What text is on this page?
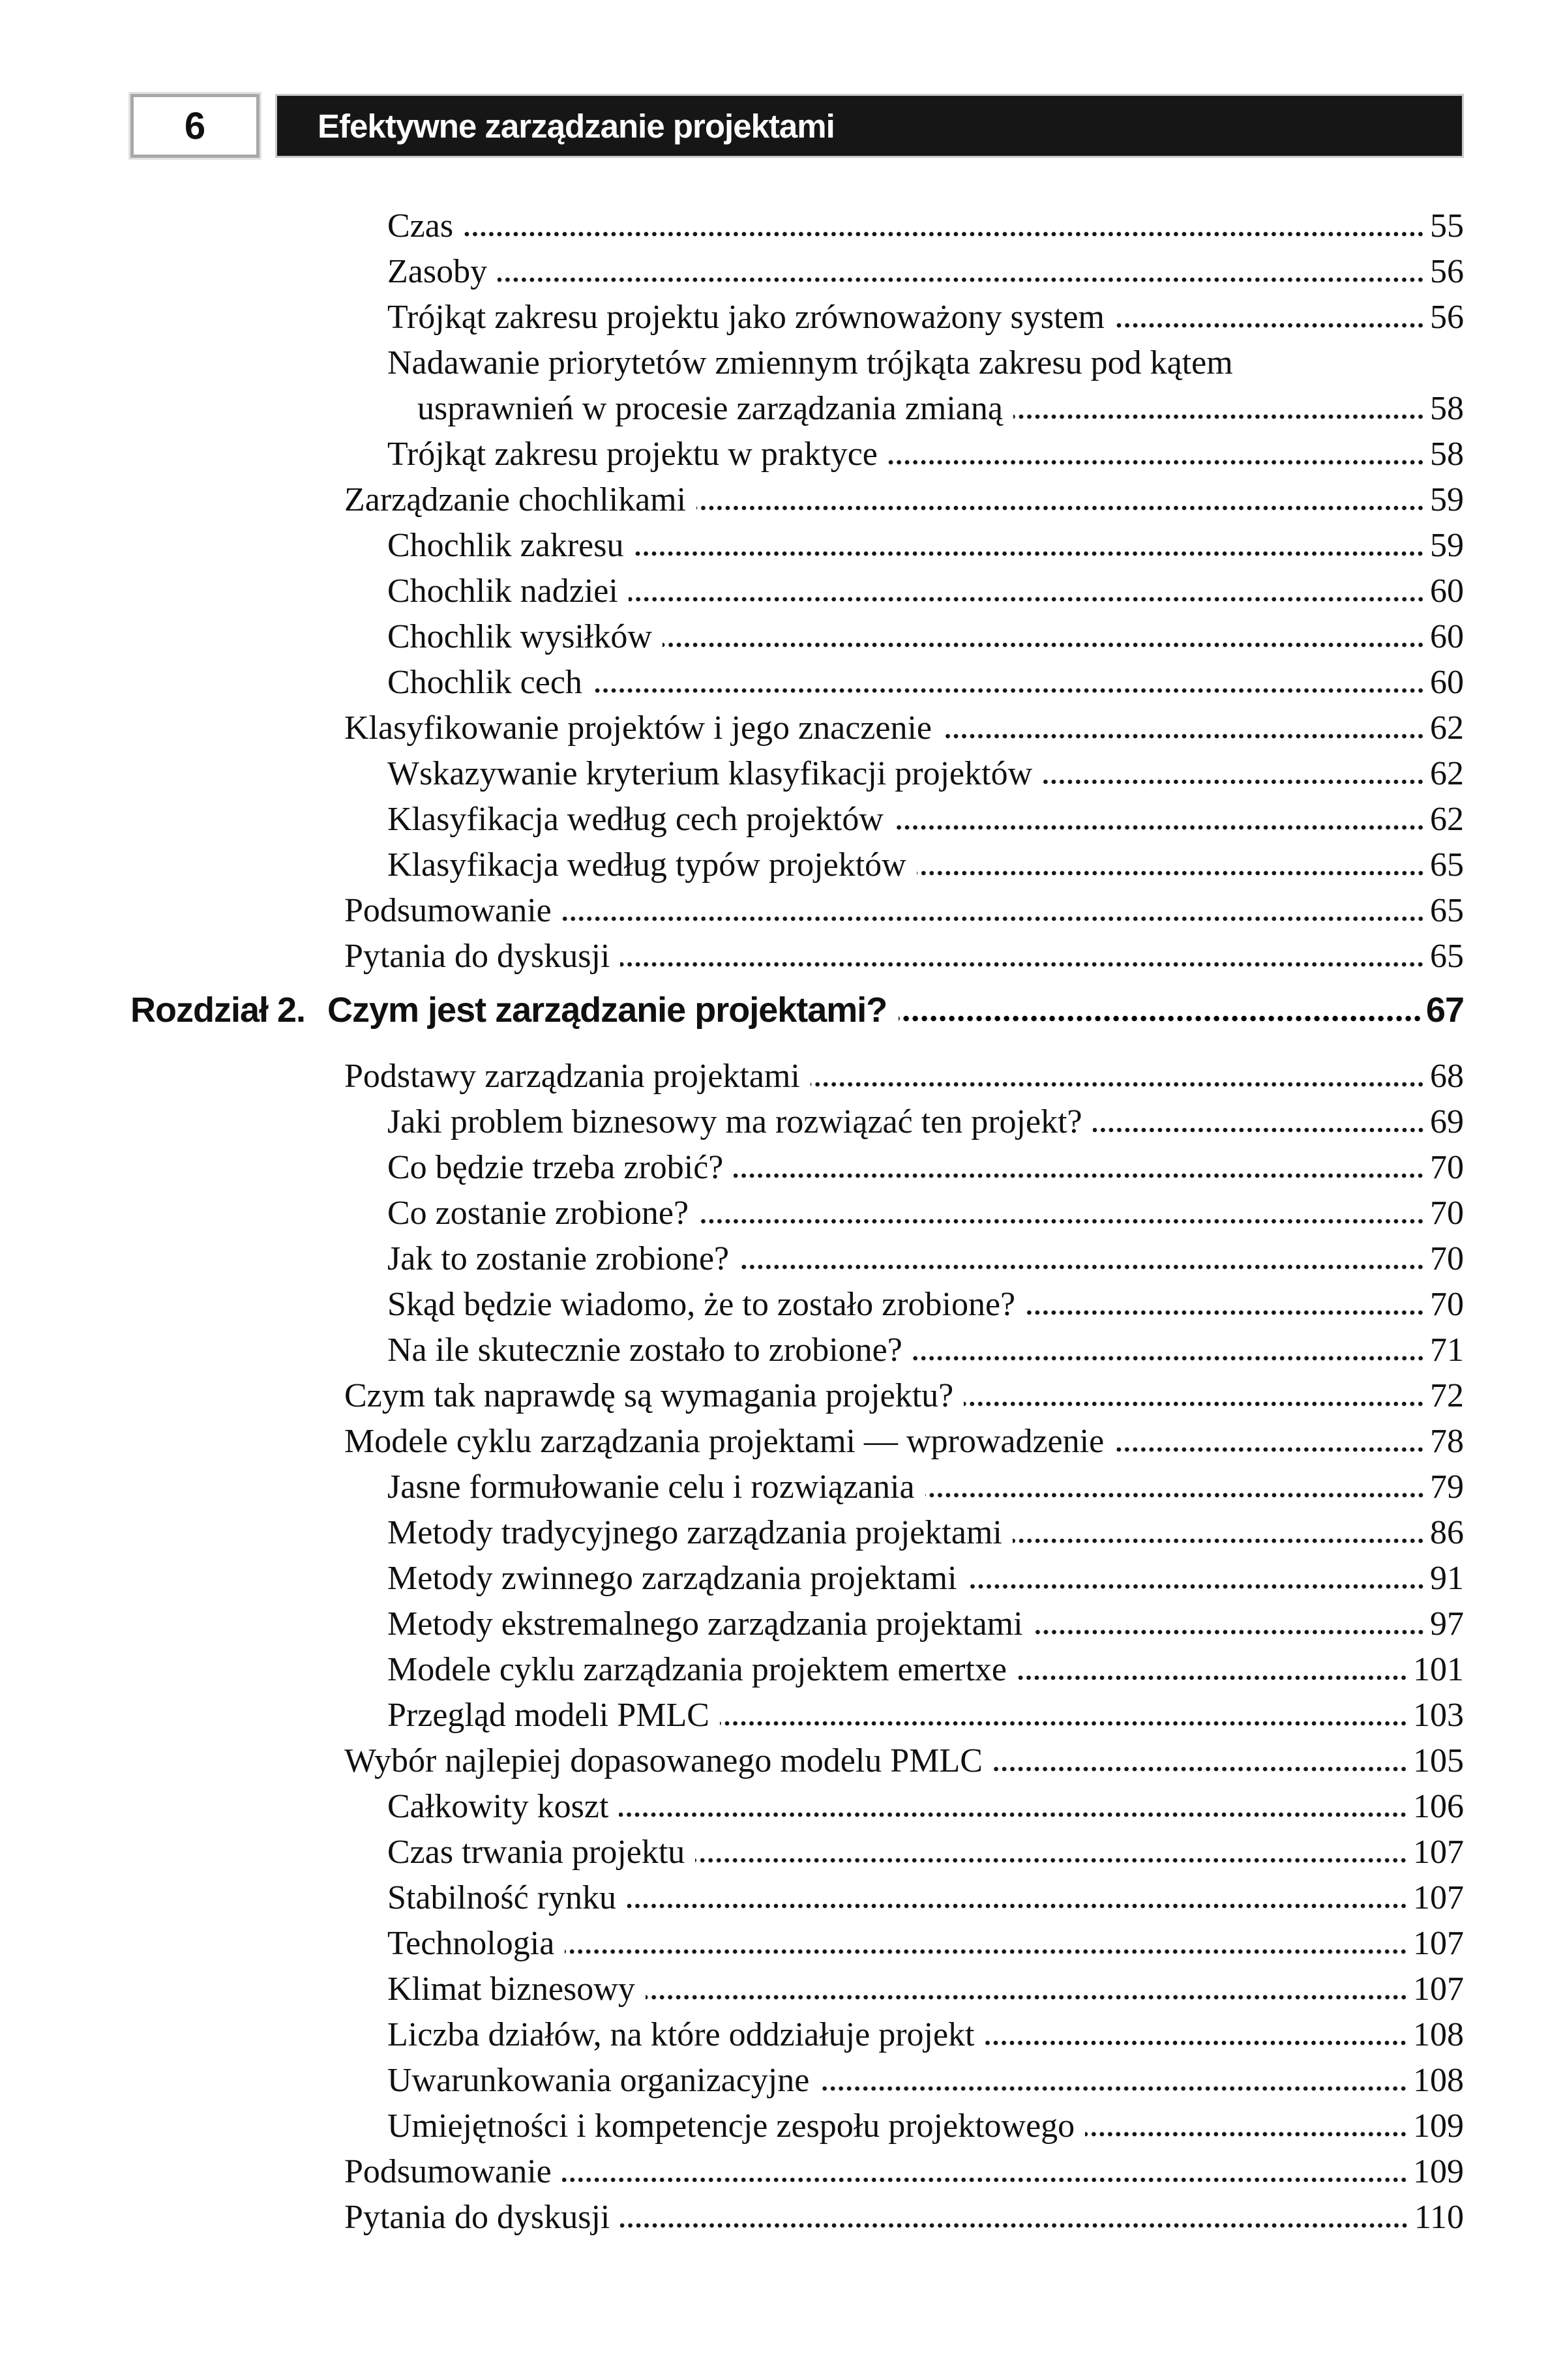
6	Efektywne zarządzanie projektami
Czas	55
Zasoby	56
Trójkąt zakresu projektu jako zrównoważony system	56
Nadawanie priorytetów zmiennym trójkąta zakresu pod kątem
usprawnień w procesie zarządzania zmianą	58
Trójkąt zakresu projektu w praktyce	58
Zarządzanie chochlikami	59
Chochlik zakresu	59
Chochlik nadziei	60
Chochlik wysiłków	60
Chochlik cech	60
Klasyfikowanie projektów i jego znaczenie	62
Wskazywanie kryterium klasyfikacji projektów	62
Klasyfikacja według cech projektów	62
Klasyfikacja według typów projektów	65
Podsumowanie	65
Pytania do dyskusji	65
Rozdział 2. Czym jest zarządzanie projektami?	67
Podstawy zarządzania projektami	68
Jaki problem biznesowy ma rozwiązać ten projekt?	69
Co będzie trzeba zrobić?	70
Co zostanie zrobione?	70
Jak to zostanie zrobione?	70
Skąd będzie wiadomo, że to zostało zrobione?	70
Na ile skutecznie zostało to zrobione?	71
Czym tak naprawdę są wymagania projektu?	72
Modele cyklu zarządzania projektami — wprowadzenie	78
Jasne formułowanie celu i rozwiązania	79
Metody tradycyjnego zarządzania projektami	86
Metody zwinnego zarządzania projektami	91
Metody ekstremalnego zarządzania projektami	97
Modele cyklu zarządzania projektem emertxe	101
Przegląd modeli PMLC	103
Wybór najlepiej dopasowanego modelu PMLC	105
Całkowity koszt	106
Czas trwania projektu	107
Stabilność rynku	107
Technologia	107
Klimat biznesowy	107
Liczba działów, na które oddziałuje projekt	108
Uwarunkowania organizacyjne	108
Umiejętności i kompetencje zespołu projektowego	109
Podsumowanie	109
Pytania do dyskusji	110
